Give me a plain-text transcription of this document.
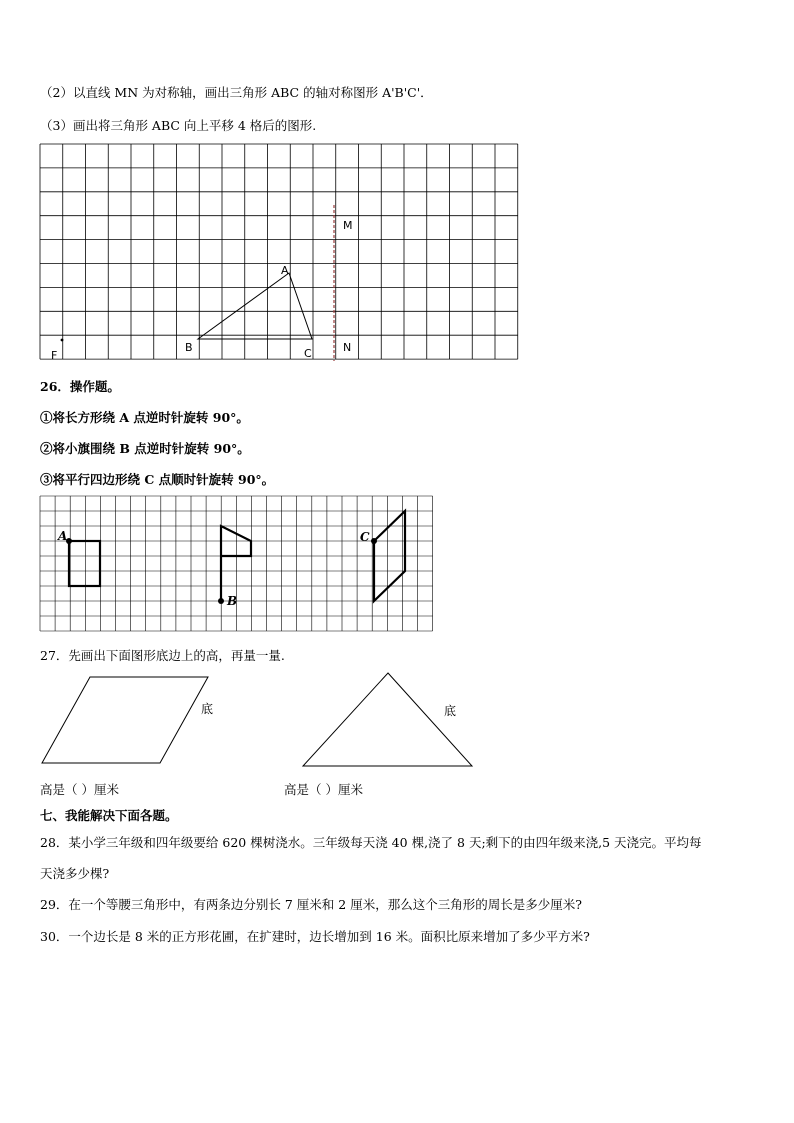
（2）以直线 MN 为对称轴，画出三角形 ABC 的轴对称图形 A'B'C'．
（3）画出将三角形 ABC 向上平移 4 格后的图形.
M
N
A
B	C
F
26．操作题。
①将长方形绕 A 点逆时针旋转 90°。
②将小旗围绕 B 点逆时针旋转 90°。
③将平行四边形绕 C 点顺时针旋转 90°。
A
B
C
27．先画出下面图形底边上的高，再量一量.
底	底
高是（ ）厘米	高是（ ）厘米
七、我能解决下面各题。
28．某小学三年级和四年级要给 620 棵树浇水。三年级每天浇 40 棵,浇了 8 天;剩下的由四年级来浇,5 天浇完。平均每
天浇多少棵?
29．在一个等腰三角形中，有两条边分别长 7 厘米和 2 厘米，那么这个三角形的周长是多少厘米?
30．一个边长是 8 米的正方形花圃，在扩建时，边长增加到 16 米。面积比原来增加了多少平方米?
